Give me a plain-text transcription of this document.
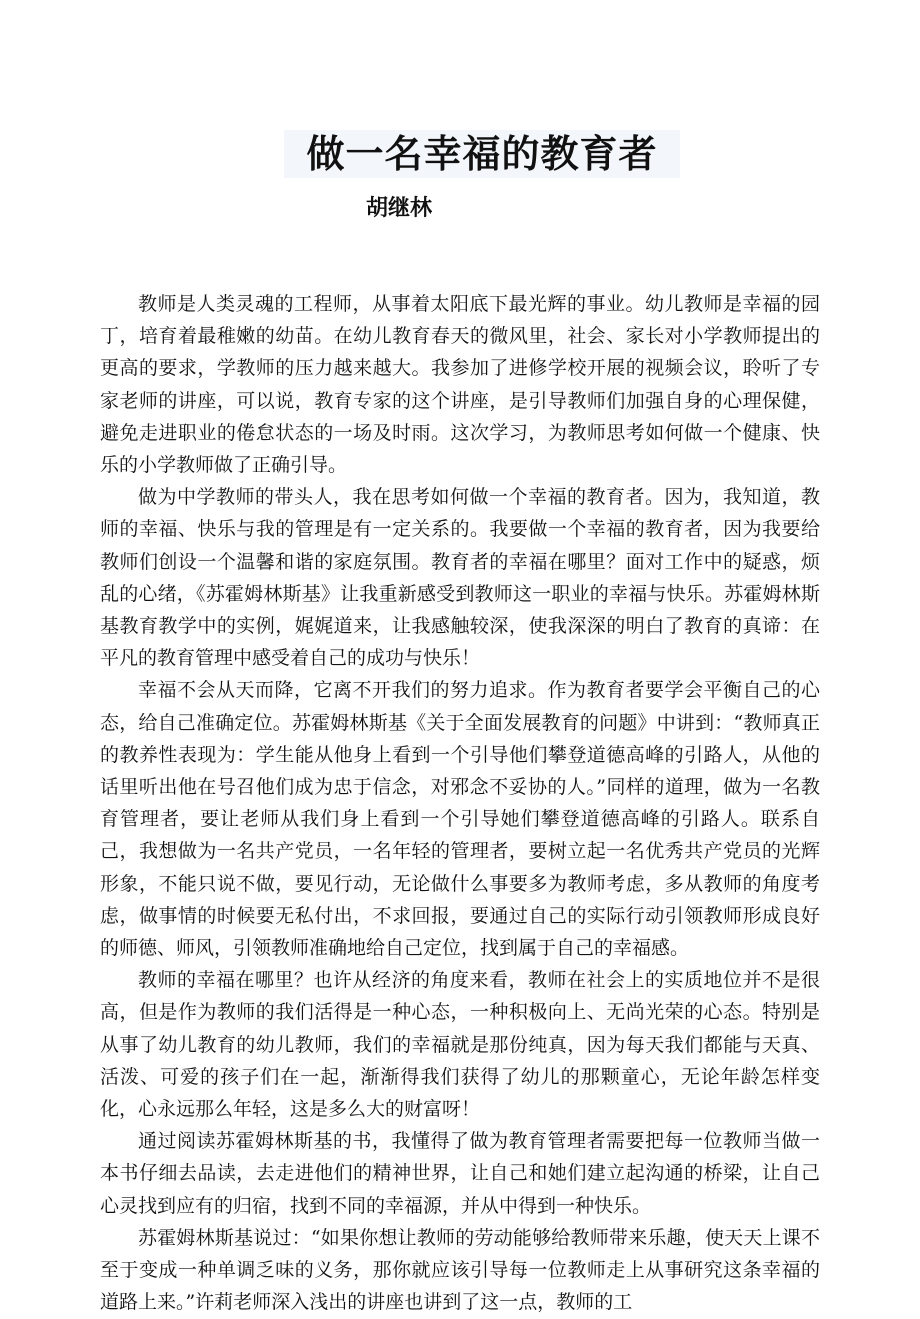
做一名幸福的教育者

胡继林

教师是人类灵魂的工程师，从事着太阳底下最光辉的事业。幼儿教师是幸福的园丁，培育着最稚嫩的幼苗。在幼儿教育春天的微风里，社会、家长对小学教师提出的更高的要求，学教师的压力越来越大。我参加了进修学校开展的视频会议，聆听了专家老师的讲座，可以说，教育专家的这个讲座，是引导教师们加强自身的心理保健，避免走进职业的倦怠状态的一场及时雨。这次学习，为教师思考如何做一个健康、快乐的小学教师做了正确引导。

做为中学教师的带头人，我在思考如何做一个幸福的教育者。因为，我知道，教师的幸福、快乐与我的管理是有一定关系的。我要做一个幸福的教育者，因为我要给教师们创设一个温馨和谐的家庭氛围。教育者的幸福在哪里？面对工作中的疑惑，烦乱的心绪，《苏霍姆林斯基》让我重新感受到教师这一职业的幸福与快乐。苏霍姆林斯基教育教学中的实例，娓娓道来，让我感触较深，使我深深的明白了教育的真谛：在平凡的教育管理中感受着自己的成功与快乐！

幸福不会从天而降，它离不开我们的努力追求。作为教育者要学会平衡自己的心态，给自己准确定位。苏霍姆林斯基《关于全面发展教育的问题》中讲到：“教师真正的教养性表现为：学生能从他身上看到一个引导他们攀登道德高峰的引路人，从他的话里听出他在号召他们成为忠于信念，对邪念不妥协的人。”同样的道理，做为一名教育管理者，要让老师从我们身上看到一个引导她们攀登道德高峰的引路人。联系自己，我想做为一名共产党员，一名年轻的管理者，要树立起一名优秀共产党员的光辉形象，不能只说不做，要见行动，无论做什么事要多为教师考虑，多从教师的角度考虑，做事情的时候要无私付出，不求回报，要通过自己的实际行动引领教师形成良好的师德、师风，引领教师准确地给自己定位，找到属于自己的幸福感。

教师的幸福在哪里？也许从经济的角度来看，教师在社会上的实质地位并不是很高，但是作为教师的我们活得是一种心态，一种积极向上、无尚光荣的心态。特别是从事了幼儿教育的幼儿教师，我们的幸福就是那份纯真，因为每天我们都能与天真、活泼、可爱的孩子们在一起，渐渐得我们获得了幼儿的那颗童心，无论年龄怎样变化，心永远那么年轻，这是多么大的财富呀！

通过阅读苏霍姆林斯基的书，我懂得了做为教育管理者需要把每一位教师当做一本书仔细去品读，去走进他们的精神世界，让自己和她们建立起沟通的桥梁，让自己心灵找到应有的归宿，找到不同的幸福源，并从中得到一种快乐。

苏霍姆林斯基说过：“如果你想让教师的劳动能够给教师带来乐趣，使天天上课不至于变成一种单调乏味的义务，那你就应该引导每一位教师走上从事研究这条幸福的道路上来。”许莉老师深入浅出的讲座也讲到了这一点，教师的工
